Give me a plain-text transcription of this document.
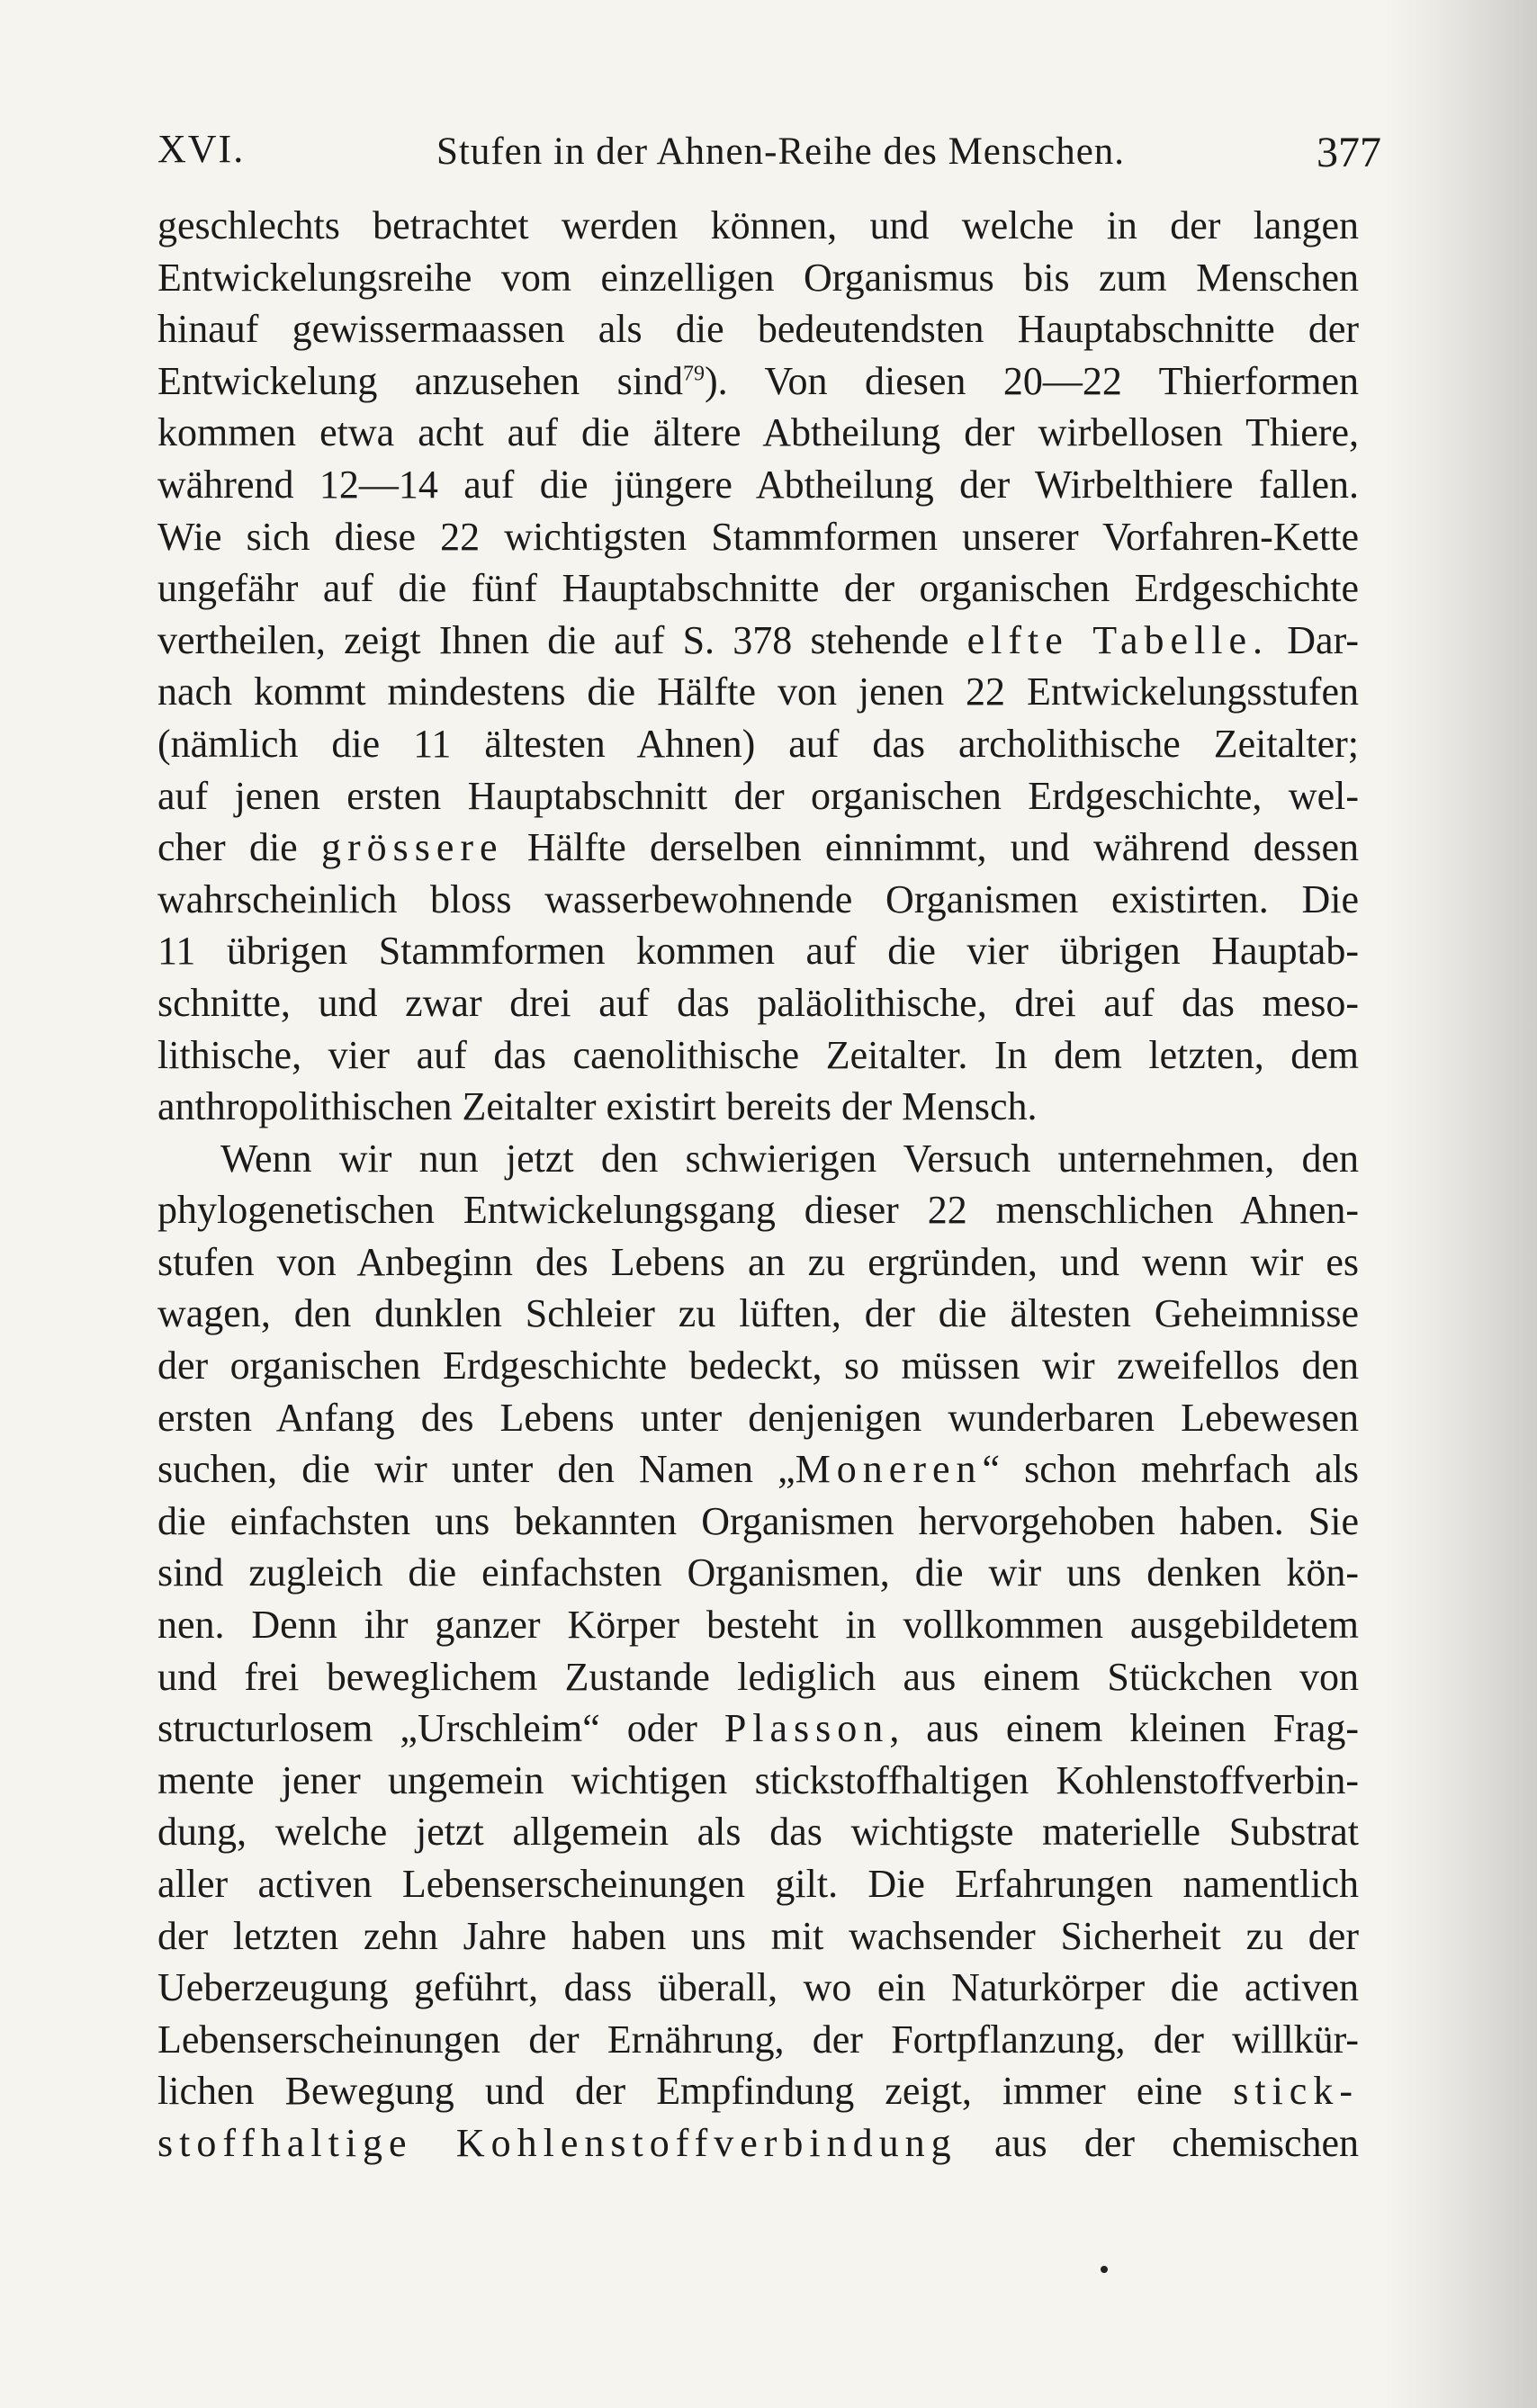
XVI.	Stufen in der Ahnen-Reihe des Menschen.	377
geschlechts betrachtet werden können, und welche in der langen
Entwickelungsreihe vom einzelligen Organismus bis zum Menschen
hinauf gewissermaassen als die bedeutendsten Hauptabschnitte der
Entwickelung anzusehen sind$^{79}$). Von diesen 20—22 Thierformen
kommen etwa acht auf die ältere Abtheilung der wirbellosen Thiere,
während 12—14 auf die jüngere Abtheilung der Wirbelthiere fallen.
Wie sich diese 22 wichtigsten Stammformen unserer Vorfahren-Kette
ungefähr auf die fünf Hauptabschnitte der organischen Erdgeschichte
vertheilen, zeigt Ihnen die auf S. 378 stehende elfte Tabelle. Dar-
nach kommt mindestens die Hälfte von jenen 22 Entwickelungsstufen
(nämlich die 11 ältesten Ahnen) auf das archolithische Zeitalter;
auf jenen ersten Hauptabschnitt der organischen Erdgeschichte, wel-
cher die grössere Hälfte derselben einnimmt, und während dessen
wahrscheinlich bloss wasserbewohnende Organismen existirten. Die
11 übrigen Stammformen kommen auf die vier übrigen Hauptab-
schnitte, und zwar drei auf das paläolithische, drei auf das meso-
lithische, vier auf das caenolithische Zeitalter. In dem letzten, dem
anthropolithischen Zeitalter existirt bereits der Mensch.
Wenn wir nun jetzt den schwierigen Versuch unternehmen, den
phylogenetischen Entwickelungsgang dieser 22 menschlichen Ahnen-
stufen von Anbeginn des Lebens an zu ergründen, und wenn wir es
wagen, den dunklen Schleier zu lüften, der die ältesten Geheimnisse
der organischen Erdgeschichte bedeckt, so müssen wir zweifellos den
ersten Anfang des Lebens unter denjenigen wunderbaren Lebewesen
suchen, die wir unter den Namen „Moneren“ schon mehrfach als
die einfachsten uns bekannten Organismen hervorgehoben haben. Sie
sind zugleich die einfachsten Organismen, die wir uns denken kön-
nen. Denn ihr ganzer Körper besteht in vollkommen ausgebildetem
und frei beweglichem Zustande lediglich aus einem Stückchen von
structurlosem „Urschleim“ oder Plasson, aus einem kleinen Frag-
mente jener ungemein wichtigen stickstoffhaltigen Kohlenstoffverbin-
dung, welche jetzt allgemein als das wichtigste materielle Substrat
aller activen Lebenserscheinungen gilt. Die Erfahrungen namentlich
der letzten zehn Jahre haben uns mit wachsender Sicherheit zu der
Ueberzeugung geführt, dass überall, wo ein Naturkörper die activen
Lebenserscheinungen der Ernährung, der Fortpflanzung, der willkür-
lichen Bewegung und der Empfindung zeigt, immer eine stick-
stoffhaltige Kohlenstoffverbindung aus der chemischen
